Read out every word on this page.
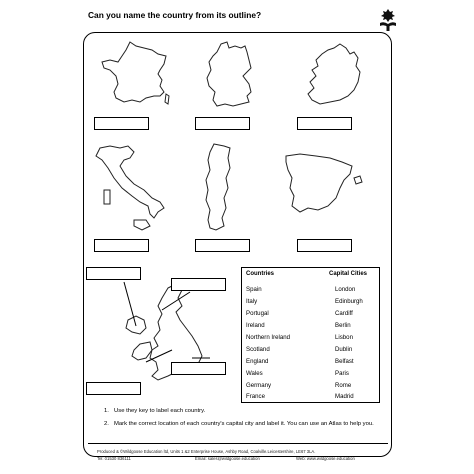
Can you name the country from its outline?
Countries	Capital Cities
Spain	London
Italy	Edinburgh
Portugal	Cardiff
Ireland	Berlin
Northern Ireland	Lisbon
Scotland	Dublin
England	Belfast
Wales	Paris
Germany	Rome
France	Madrid
1. Use they key to label each country.
2. Mark the correct location of each country's capital city and label it. You can use an Atlas to help you.
Produced & ©Wildgoose Education ltd, Units 1 &2 Enterprise House, Ashby Road, Coalville.Leicestershire, LE67 3LA.
Tel: 01530 836111	Email: sales@wildgoose.education	Web: www.wildgoose.education
